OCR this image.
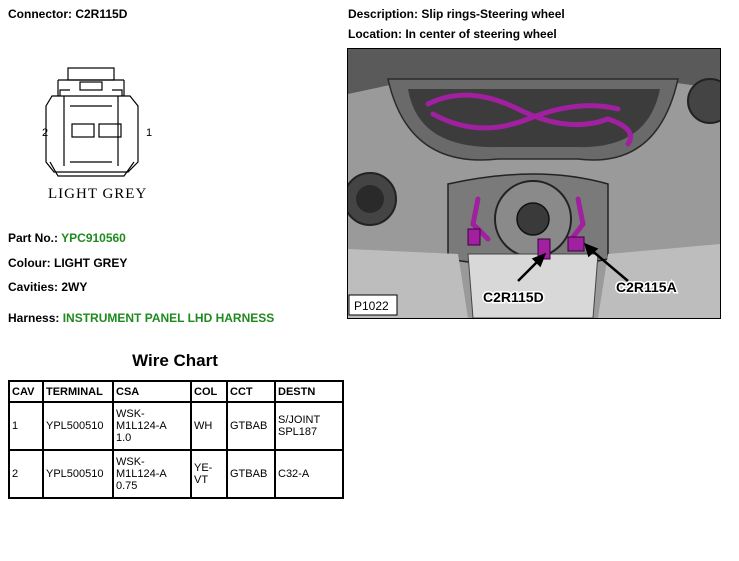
Connector: C2R115D	Description: Slip rings-Steering wheel
Location: In center of steering wheel
2	1
LIGHT GREY
Part No.: YPC910560
Colour: LIGHT GREY
Cavities: 2WY
Harness: INSTRUMENT PANEL LHD HARNESS
P1022
C2R115D
C2R115A
Wire Chart
CAV	TERMINAL	CSA	COL	CCT	DESTN
1	YPL500510	WSK-
M1L124-A
1.0	WH	GTBAB	S/JOINT
SPL187
2	YPL500510	WSK-
M1L124-A
0.75	YE-
VT	GTBAB	C32-A
